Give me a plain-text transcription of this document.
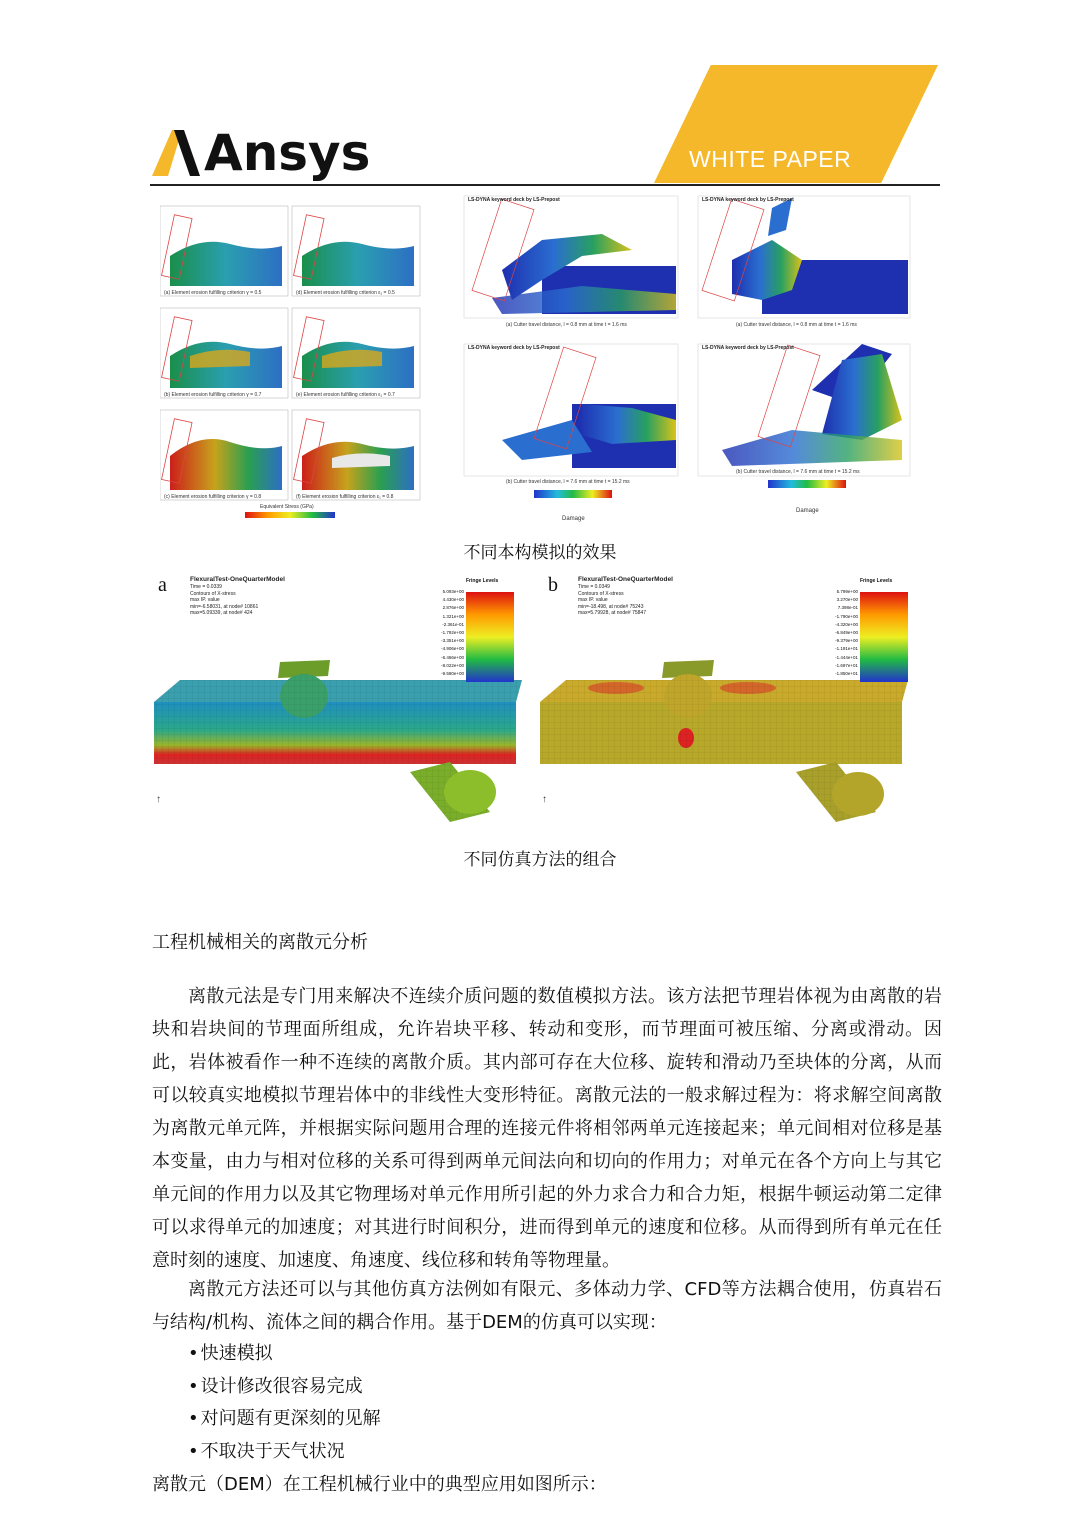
WHITE PAPER
Ansys
(a) Element erosion fulfilling criterion γ = 0.5	(d) Element erosion fulfilling criterion ε₁ = 0.5
(b) Element erosion fulfilling criterion γ = 0.7	(e) Element erosion fulfilling criterion ε₁ = 0.7
(c) Element erosion fulfilling criterion γ = 0.8	(f) Element erosion fulfilling criterion ε₁ = 0.8
Equivalent Stress (GPa)
LS-DYNA keyword deck by LS-Prepost	LS-DYNA keyword deck by LS-Prepost
LS-DYNA keyword deck by LS-Prepost	LS-DYNA keyword deck by LS-Prepost
(a) Cutter travel distance, l = 0.8 mm at time t = 1.6 ms	(a) Cutter travel distance, l = 0.8 mm at time t = 1.6 ms
(b) Cutter travel distance, l = 7.6 mm at time t = 15.2 ms
(b) Cutter travel distance, l = 7.6 mm at time t = 15.2 ms
Damage
Damage
不同本构模拟的效果
↑
a	FlexuralTest-OneQuarterModel
Time = 0.0339
Contours of X-stress
max IP. value
min=-6.58031, at node# 10861
max=5.09339, at node# 424
Fringe Levels
5.093e+00
4.430e+00
2.876e+00
1.321e+00
-2.361e-01
-1.792e+00
-3.351e+00
-4.906e+00
-6.466e+00
-8.022e+00
-9.580e+00
↑
b	FlexuralTest-OneQuarterModel
Time = 0.0349
Contours of X-stress
max IP. value
min=-18.498, at node# 75243
max=5.79928, at node# 75847
Fringe Levels
5.799e+00
3.270e+00
7.398e-01
-1.790e+00
-4.320e+00
-6.849e+00
-9.379e+00
-1.191e+01
-1.444e+01
-1.697e+01
-1.850e+01
不同仿真方法的组合
工程机械相关的离散元分析

离散元法是专门用来解决不连续介质问题的数值模拟方法。该方法把节理岩体视为由离散的岩块和岩块间的节理面所组成，允许岩块平移、转动和变形，而节理面可被压缩、分离或滑动。因此，岩体被看作一种不连续的离散介质。其内部可存在大位移、旋转和滑动乃至块体的分离，从而可以较真实地模拟节理岩体中的非线性大变形特征。离散元法的一般求解过程为：将求解空间离散为离散元单元阵，并根据实际问题用合理的连接元件将相邻两单元连接起来；单元间相对位移是基本变量，由力与相对位移的关系可得到两单元间法向和切向的作用力；对单元在各个方向上与其它单元间的作用力以及其它物理场对单元作用所引起的外力求合力和合力矩，根据牛顿运动第二定律可以求得单元的加速度；对其进行时间积分，进而得到单元的速度和位移。从而得到所有单元在任意时刻的速度、加速度、角速度、线位移和转角等物理量。

离散元方法还可以与其他仿真方法例如有限元、多体动力学、CFD等方法耦合使用，仿真岩石与结构/机构、流体之间的耦合作用。基于DEM的仿真可以实现：

• 快速模拟
• 设计修改很容易完成
• 对问题有更深刻的见解
• 不取决于天气状况
离散元（DEM）在工程机械行业中的典型应用如图所示：
